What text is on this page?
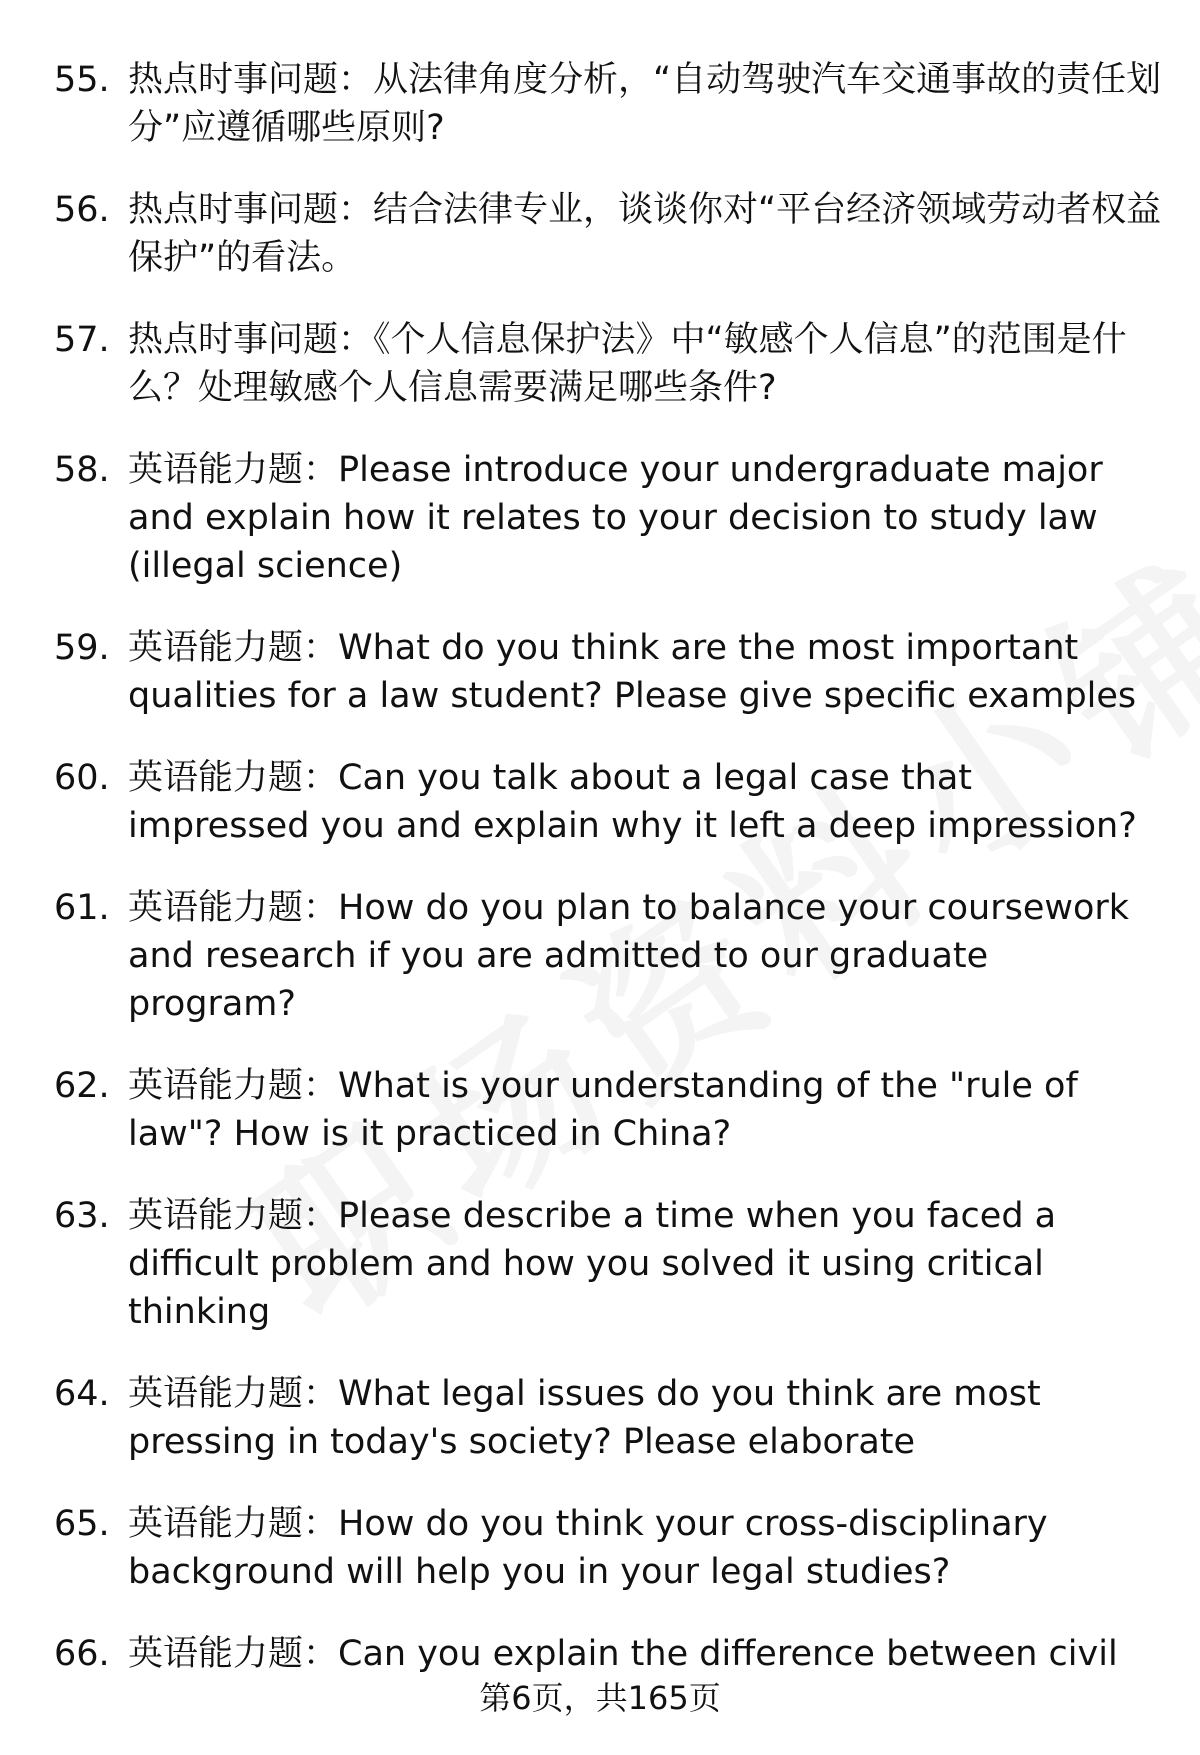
55. 热点时事问题：从法律角度分析，“自动驾驶汽车交通事故的责任划分”应遵循哪些原则?
56. 热点时事问题：结合法律专业，谈谈你对“平台经济领域劳动者权益保护”的看法。
57. 热点时事问题：《个人信息保护法》中“敏感个人信息”的范围是什么？处理敏感个人信息需要满足哪些条件?
58. 英语能力题：Please introduce your undergraduate major and explain how it relates to your decision to study law (illegal science)
59. 英语能力题：What do you think are the most important qualities for a law student? Please give specific examples
60. 英语能力题：Can you talk about a legal case that impressed you and explain why it left a deep impression?
61. 英语能力题：How do you plan to balance your coursework and research if you are admitted to our graduate program?
62. 英语能力题：What is your understanding of the "rule of law"? How is it practiced in China?
63. 英语能力题：Please describe a time when you faced a difficult problem and how you solved it using critical thinking
64. 英语能力题：What legal issues do you think are most pressing in today's society? Please elaborate
65. 英语能力题：How do you think your cross-disciplinary background will help you in your legal studies?
66. 英语能力题：Can you explain the difference between civil
第6页，共165页
